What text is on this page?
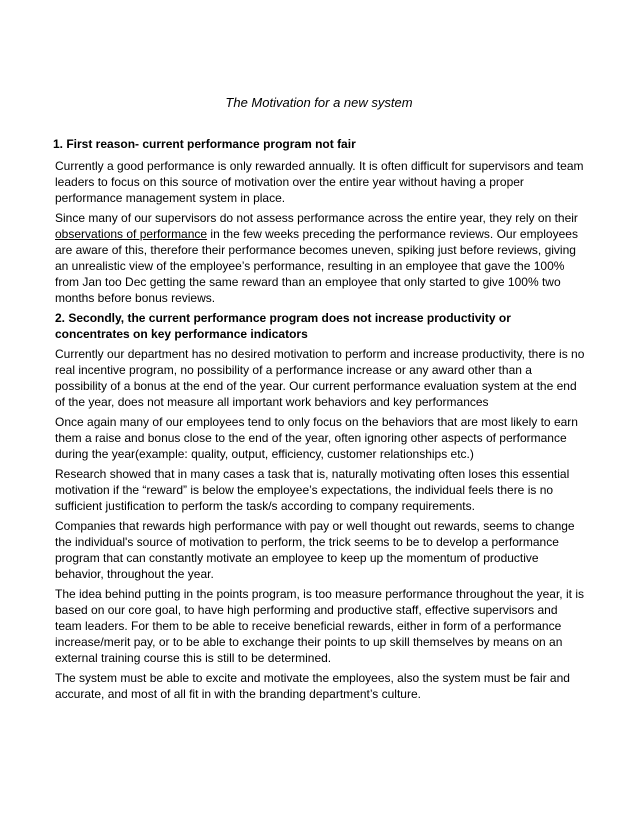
The Motivation for a new system
1. First reason- current performance program not fair

Currently a good performance is only rewarded annually. It is often difficult for supervisors and team leaders to focus on this source of motivation over the entire year without having a proper performance management system in place.

Since many of our supervisors do not assess performance across the entire year, they rely on their observations of performance in the few weeks preceding the performance reviews. Our employees are aware of this, therefore their performance becomes uneven, spiking just before reviews, giving an unrealistic view of the employee’s performance, resulting in an employee that gave the 100% from Jan too Dec getting the same reward than an employee that only started to give 100% two months before bonus reviews.

2. Secondly, the current performance program does not increase productivity or concentrates on key performance indicators

Currently our department has no desired motivation to perform and increase productivity, there is no real incentive program, no possibility of a performance increase or any award other than a possibility of a bonus at the end of the year. Our current performance evaluation system at the end of the year, does not measure all important work behaviors and key performances

Once again many of our employees tend to only focus on the behaviors that are most likely to earn them a raise and bonus close to the end of the year, often ignoring other aspects of performance during the year(example: quality, output, efficiency, customer relationships etc.)

Research showed that in many cases a task that is, naturally motivating often loses this essential motivation if the “reward” is below the employee’s expectations, the individual feels there is no sufficient justification to perform the task/s according to company requirements.

Companies that rewards high performance with pay or well thought out rewards, seems to change the individual's source of motivation to perform, the trick seems to be to develop a performance program that can constantly motivate an employee to keep up the momentum of productive behavior, throughout the year.

The idea behind putting in the points program, is too measure performance throughout the year, it is based on our core goal, to have high performing and productive staff, effective supervisors and team leaders. For them to be able to receive beneficial rewards, either in form of a performance increase/merit pay, or to be able to exchange their points to up skill themselves by means on an external training course this is still to be determined.

The system must be able to excite and motivate the employees, also the system must be fair and accurate, and most of all fit in with the branding department’s culture.
